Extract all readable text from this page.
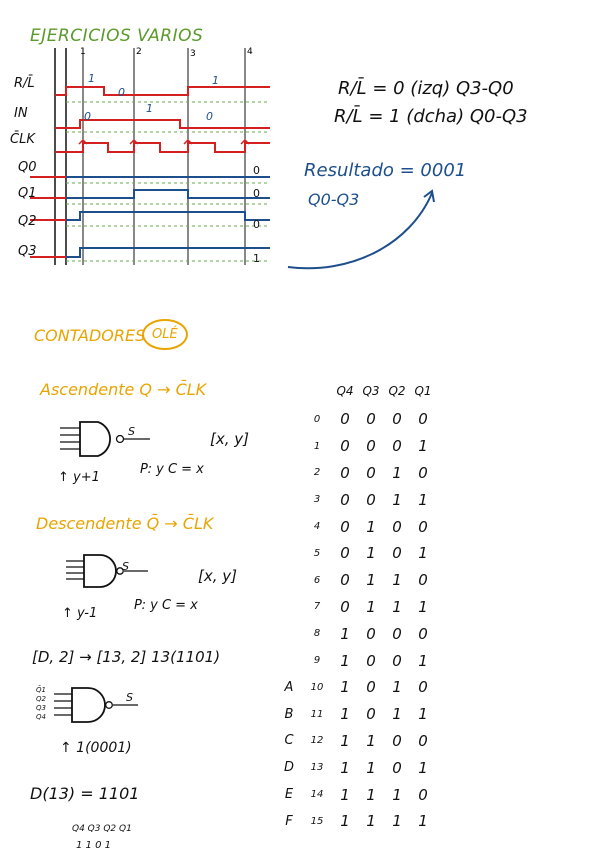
EJERCICIOS VARIOS
1	2	3	4
1
0
1
0
1
0
0
0
0
1
R/L̄
IN
C̄LK
Q0
Q1
Q2
Q3
R/L̄ = 0 (izq) Q3-Q0
R/L̄ = 1 (dcha) Q0-Q3
Resultado = 0001
Q0-Q3
CONTADORES OLÉ
Ascendente Q → C̄LK
S	[x, y]
P: y C = x
↑ y+1
Descendente Q̄ → C̄LK
S
[x, y]
P: y C = x
↑ y-1
[D, 2] → [13, 2] 13(1101)
Q̄1
Q2
Q3
Q4
S
↑ 1(0001)
D(13) = 1101
Q4 Q3 Q2 Q1
1 1 0 1
		Q4	Q3	Q2	Q1
	0	0	0	0	0
	1	0	0	0	1
	2	0	0	1	0
	3	0	0	1	1
	4	0	1	0	0
	5	0	1	0	1
	6	0	1	1	0
	7	0	1	1	1
	8	1	0	0	0
	9	1	0	0	1
A	10	1	0	1	0
B	11	1	0	1	1
C	12	1	1	0	0
D	13	1	1	0	1
E	14	1	1	1	0
F	15	1	1	1	1
